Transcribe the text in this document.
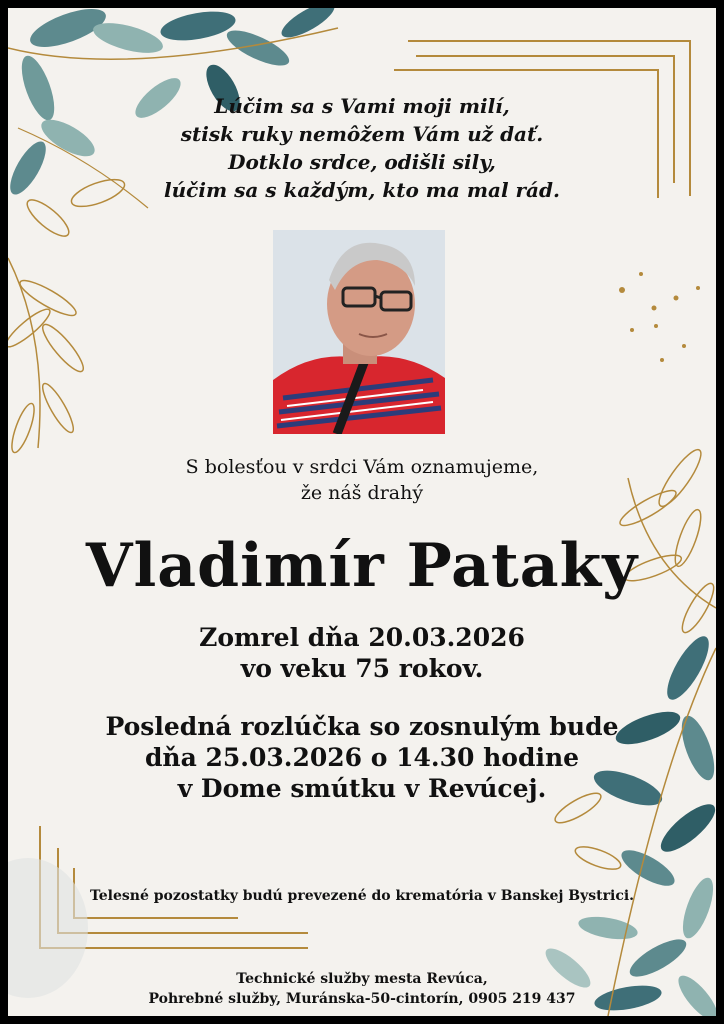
Lúčim sa s Vami moji milí,
stisk ruky nemôžem Vám už dať.
Dotklo srdce, odišli sily,
lúčim sa s každým, kto ma mal rád.
S bolesťou v srdci Vám oznamujeme,
že náš drahý
Vladimír Pataky
Zomrel dňa 20.03.2026
vo veku 75 rokov.
Posledná rozlúčka so zosnulým bude
dňa 25.03.2026 o 14.30 hodine
v Dome smútku v Revúcej.
Telesné pozostatky budú prevezené do krematória v Banskej Bystrici.
Technické služby mesta Revúca,
Pohrebné služby, Muránska-50-cintorín, 0905 219 437
